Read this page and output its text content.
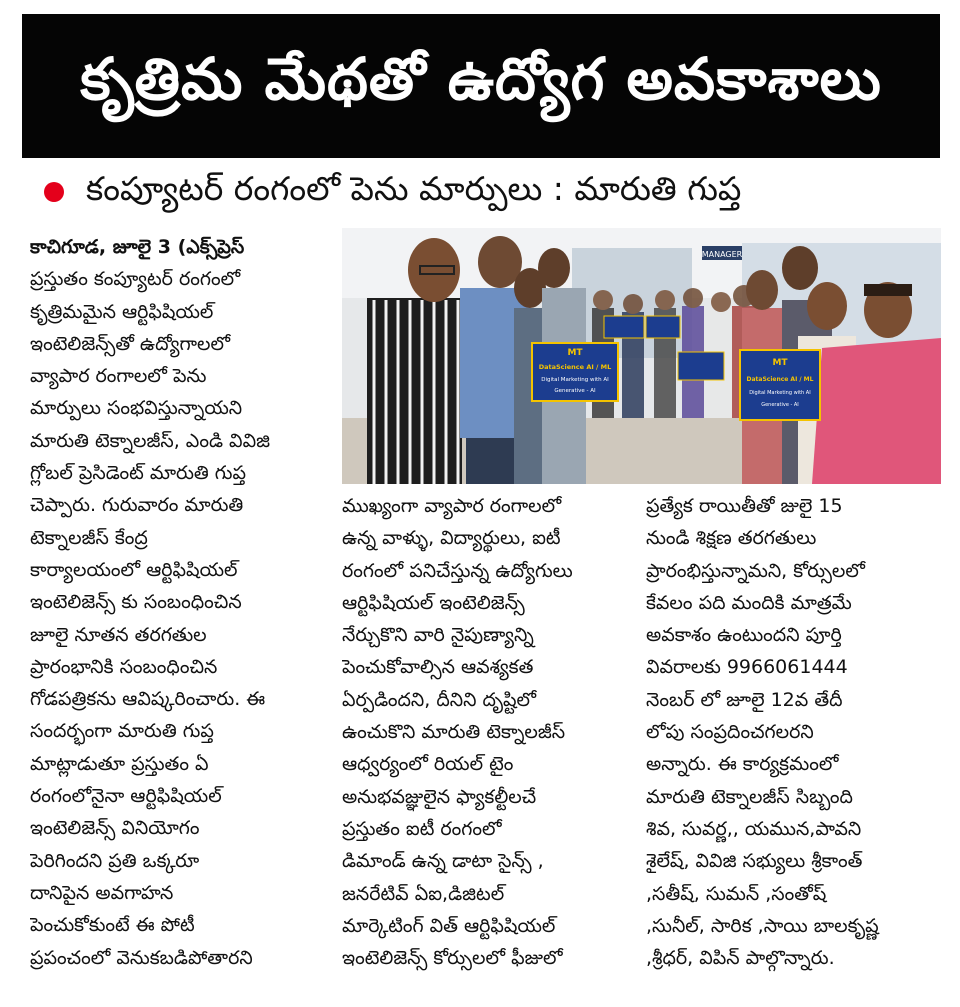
కృత్రిమ మేథతో ఉద్యోగ అవకాశాలు
కంప్యూటర్ రంగంలో పెను మార్పులు : మారుతి గుప్త
కాచిగూడ, జూలై 3 (ఎక్స్‌ప్రెస్
ప్రస్తుతం కంప్యూటర్ రంగంలో
కృత్రిమమైన ఆర్టిఫిషియల్
ఇంటెలిజెన్స్‌తో ఉద్యోగాలలో
వ్యాపార రంగాలలో పెను
మార్పులు సంభవిస్తున్నాయని
మారుతి టెక్నాలజీస్, ఎండి వివిజి
గ్లోబల్ ప్రెసిడెంట్ మారుతి గుప్త
చెప్పారు. గురువారం మారుతి
టెక్నాలజీస్ కేంద్ర
కార్యాలయంలో ఆర్టిఫిషియల్
ఇంటెలిజెన్స్ కు సంబంధించిన
జూలై నూతన తరగతుల
ప్రారంభానికి సంబంధించిన
గోడపత్రికను ఆవిష్కరించారు. ఈ
సందర్భంగా మారుతి గుప్త
మాట్లాడుతూ ప్రస్తుతం ఏ
రంగంలోనైనా ఆర్టిఫిషియల్
ఇంటెలిజెన్స్ వినియోగం
పెరిగిందని ప్రతి ఒక్కరూ
దానిపైన అవగాహన
పెంచుకోకుంటే ఈ పోటీ
ప్రపంచంలో వెనుకబడిపోతారని
MANAGER
MT
DataScience AI / ML
Digital Marketing with AI
Generative - AI
MT
DataScience AI / ML
Digital Marketing with AI
Generative - AI
ముఖ్యంగా వ్యాపార రంగాలలో
ఉన్న వాళ్ళు, విద్యార్థులు, ఐటీ
రంగంలో పనిచేస్తున్న ఉద్యోగులు
ఆర్టిఫిషియల్ ఇంటెలిజెన్స్
నేర్చుకొని వారి నైపుణ్యాన్ని
పెంచుకోవాల్సిన ఆవశ్యకత
ఏర్పడిందని, దీనిని దృష్టిలో
ఉంచుకొని మారుతి టెక్నాలజీస్
ఆధ్వర్యంలో రియల్ టైం
అనుభవజ్ఞులైన ఫ్యాకల్టీలచే
ప్రస్తుతం ఐటీ రంగంలో
డిమాండ్ ఉన్న డాటా సైన్స్ ,
జనరేటివ్ ఏఐ,డిజిటల్
మార్కెటింగ్ విత్ ఆర్టిఫిషియల్
ఇంటెలిజెన్స్ కోర్సులలో ఫీజులో
ప్రత్యేక రాయితీతో జులై 15
నుండి శిక్షణ తరగతులు
ప్రారంభిస్తున్నామని, కోర్సులలో
కేవలం పది మందికి మాత్రమే
అవకాశం ఉంటుందని పూర్తి
వివరాలకు 9966061444
నెంబర్ లో జూలై 12వ తేదీ
లోపు సంప్రదించగలరని
అన్నారు. ఈ కార్యక్రమంలో
మారుతి టెక్నాలజీస్ సిబ్బంది
శివ, సువర్ణ,, యమున,పావని
శైలేష్, వివిజి సభ్యులు శ్రీకాంత్
,సతీష్, సుమన్ ,సంతోష్
,సునీల్, సారిక ,సాయి బాలకృష్ణ
,శ్రీధర్, విపిన్ పాల్గొన్నారు.
